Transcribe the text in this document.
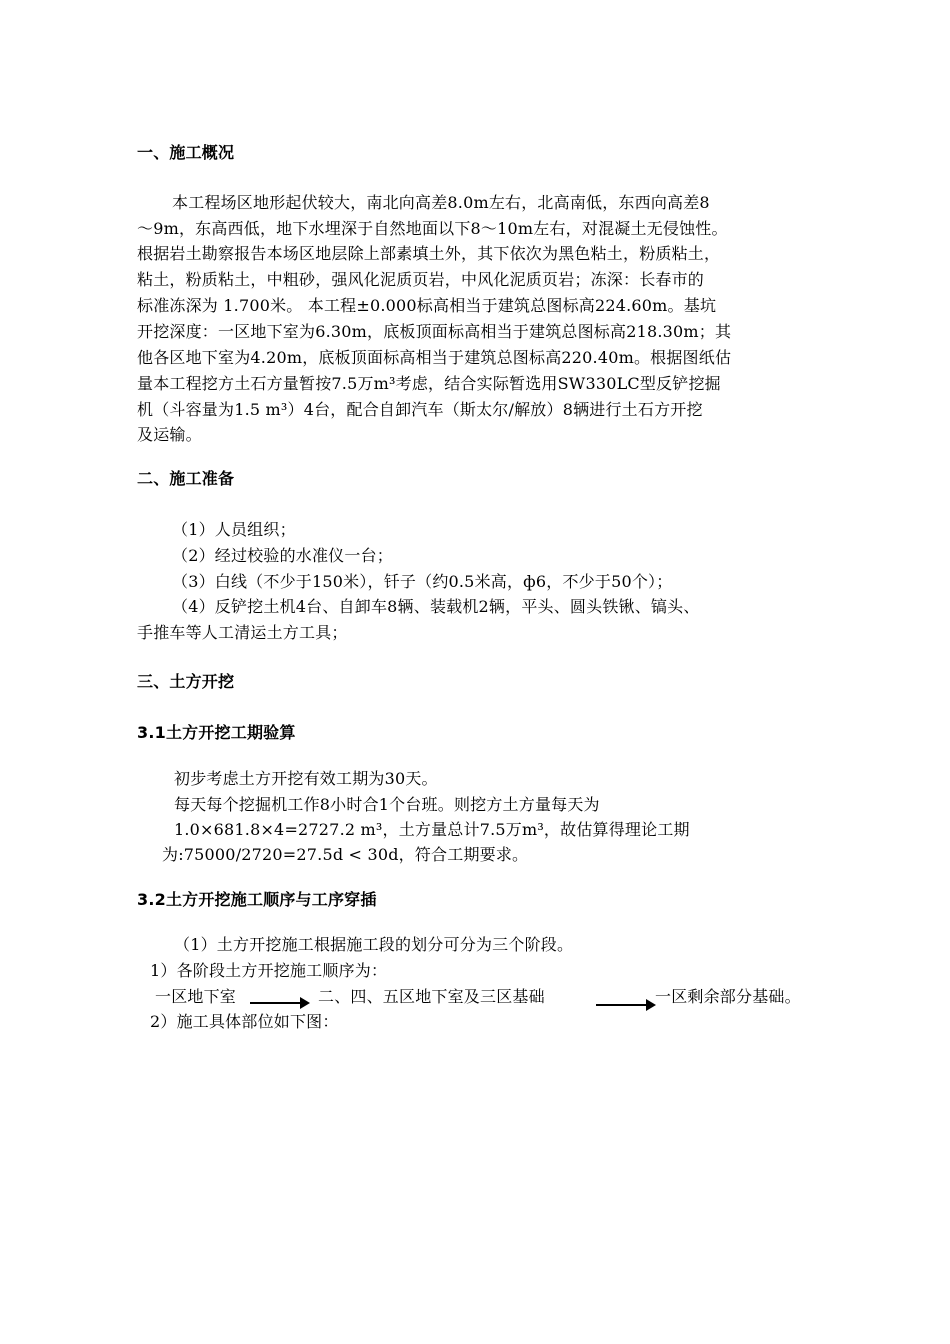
一、施工概况
本工程场区地形起伏较大，南北向高差8.0m左右，北高南低，东西向高差8
～9m，东高西低，地下水埋深于自然地面以下8～10m左右，对混凝土无侵蚀性。
根据岩土勘察报告本场区地层除上部素填土外，其下依次为黑色粘土，粉质粘土，
粘土，粉质粘土，中粗砂，强风化泥质页岩，中风化泥质页岩；冻深：长春市的
标准冻深为 1.700米。 本工程±0.000标高相当于建筑总图标高224.60m。基坑
开挖深度：一区地下室为6.30m，底板顶面标高相当于建筑总图标高218.30m；其
他各区地下室为4.20m，底板顶面标高相当于建筑总图标高220.40m。根据图纸估
量本工程挖方土石方量暂按7.5万m³考虑，结合实际暂选用SW330LC型反铲挖掘
机（斗容量为1.5 m³）4台，配合自卸汽车（斯太尔/解放）8辆进行土石方开挖
及运输。
二、施工准备
（1）人员组织；
（2）经过校验的水准仪一台；
（3）白线（不少于150米），钎子（约0.5米高，ф6，不少于50个）；
（4）反铲挖土机4台、自卸车8辆、装载机2辆，平头、圆头铁锹、镐头、
手推车等人工清运土方工具；
三、土方开挖
3.1土方开挖工期验算
初步考虑土方开挖有效工期为30天。
每天每个挖掘机工作8小时合1个台班。则挖方土方量每天为
1.0×681.8×4=2727.2 m³，土方量总计7.5万m³，故估算得理论工期
为:75000/2720=27.5d < 30d，符合工期要求。
3.2土方开挖施工顺序与工序穿插
（1）土方开挖施工根据施工段的划分可分为三个阶段。
1）各阶段土方开挖施工顺序为：
一区地下室	二、四、五区地下室及三区基础	一区剩余部分基础。
2）施工具体部位如下图：
